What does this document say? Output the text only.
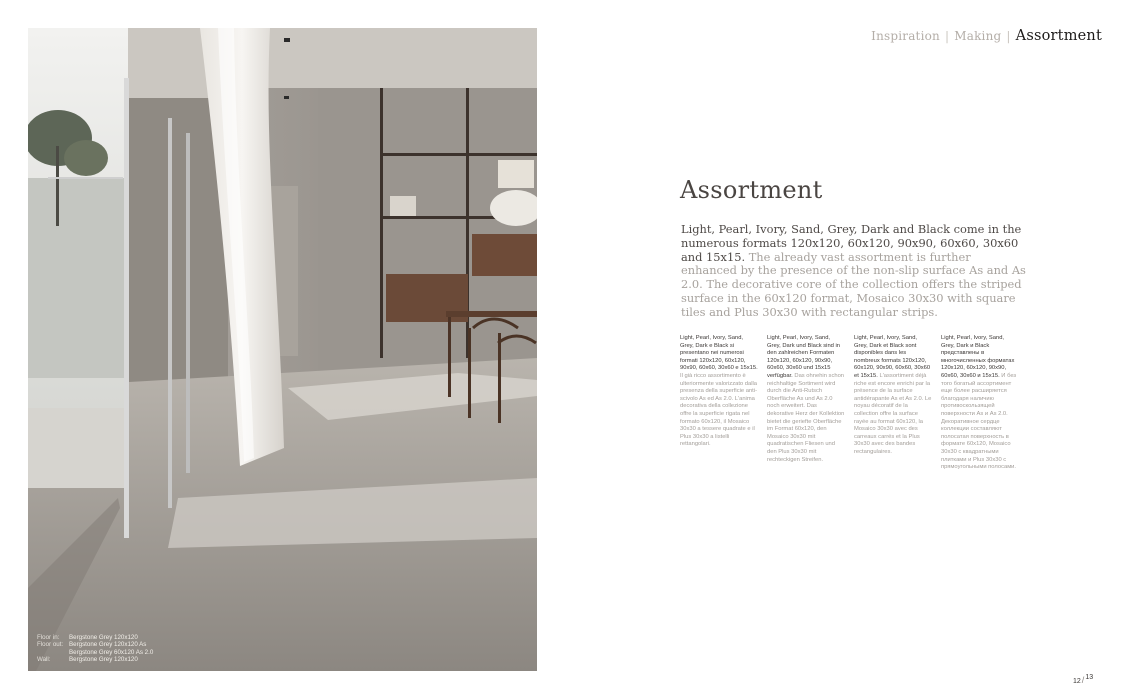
Floor in:	Bergstone Grey 120x120
Floor out: Bergstone Grey 120x120 As
Bergstone Grey 60x120 As 2.0
Wall:	Bergstone Grey 120x120
Inspiration | Making | Assortment
Assortment

Light, Pearl, Ivory, Sand, Grey, Dark and Black come in the numerous formats 120x120, 60x120, 90x90, 60x60, 30x60 and 15x15. The already vast assortment is further enhanced by the presence of the non-slip surface As and As 2.0. The decorative core of the collection offers the striped surface in the 60x120 format, Mosaico 30x30 with square tiles and Plus 30x30 with rectangular strips.

Light, Pearl, Ivory, Sand, Grey, Dark e Black si presentano nei numerosi formati 120x120, 60x120, 90x90, 60x60, 30x60 e 15x15. Il già ricco assortimento è ulteriormente valorizzato dalla presenza della superficie anti-scivolo As ed As 2.0. L'anima decorativa della collezione offre la superficie rigata nel formato 60x120, il Mosaico 30x30 a tessere quadrate e il Plus 30x30 a listelli rettangolari.
Light, Pearl, Ivory, Sand, Grey, Dark und Black sind in den zahlreichen Formaten 120x120, 60x120, 90x90, 60x60, 30x60 und 15x15 verfügbar. Das ohnehin schon reichhaltige Sortiment wird durch die Anti-Rutsch Oberfläche As und As 2.0 noch erweitert. Das dekorative Herz der Kollektion bietet die geriefte Oberfläche im Format 60x120, den Mosaico 30x30 mit quadratischen Fliesen und den Plus 30x30 mit rechteckigen Streifen.
Light, Pearl, Ivory, Sand, Grey, Dark et Black sont disponibles dans les nombreux formats 120x120, 60x120, 90x90, 60x60, 30x60 et 15x15. L'assortiment déjà riche est encore enrichi par la présence de la surface antidérapante As et As 2.0. Le noyau décoratif de la collection offre la surface rayée au format 60x120, la Mosaico 30x30 avec des carreaux carrés et la Plus 30x30 avec des bandes rectangulaires.
Light, Pearl, Ivory, Sand, Grey, Dark и Black представлены в многочисленных форматах 120x120, 60x120, 90x90, 60x60, 30x60 и 15x15. И без того богатый ассортимент еще более расширяется благодаря наличию противоскользящей поверхности As и As 2.0. Декоративное сердце коллекции составляют полосатая поверхность в формате 60x120, Mosaico 30x30 с квадратными плитками и Plus 30x30 с прямоугольными полосами.
12/13
